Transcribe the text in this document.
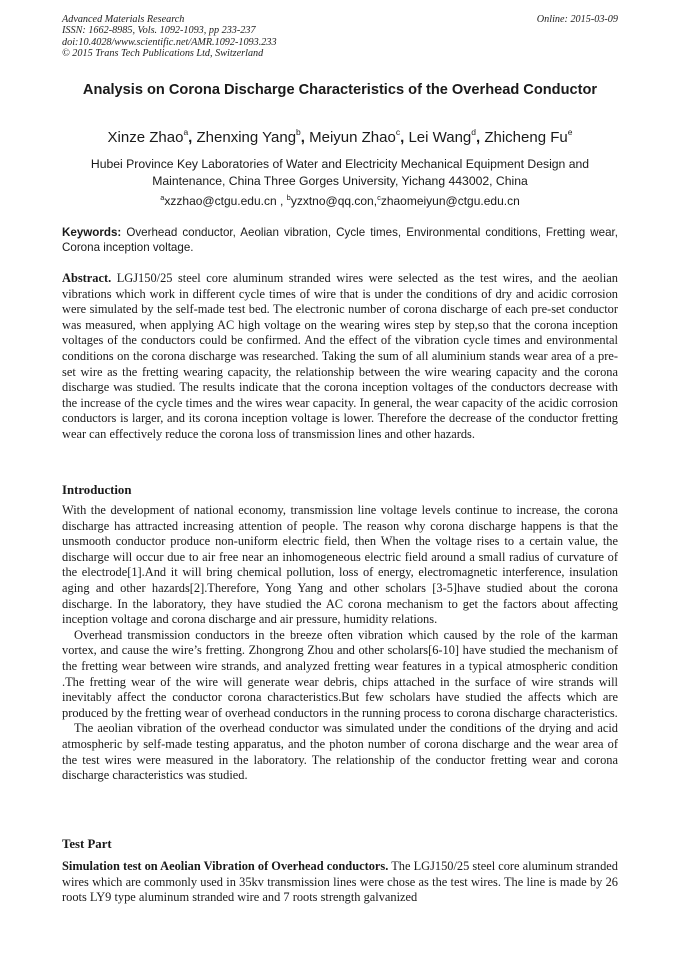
Advanced Materials Research
ISSN: 1662-8985, Vols. 1092-1093, pp 233-237
doi:10.4028/www.scientific.net/AMR.1092-1093.233
© 2015 Trans Tech Publications Ltd, Switzerland
Online: 2015-03-09
Analysis on Corona Discharge Characteristics of the Overhead Conductor
Xinze Zhao$^a$, Zhenxing Yang$^b$, Meiyun Zhao$^c$, Lei Wang$^d$, Zhicheng Fu$^e$
Hubei Province Key Laboratories of Water and Electricity Mechanical Equipment Design and Maintenance, China Three Gorges University, Yichang 443002, China
$^a$xzzhao@ctgu.edu.cn , $^b$yzxtno@qq.con,$^c$zhaomeiyun@ctgu.edu.cn
Keywords: Overhead conductor, Aeolian vibration, Cycle times, Environmental conditions, Fretting wear, Corona inception voltage.

Abstract. LGJ150/25 steel core aluminum stranded wires were selected as the test wires, and the aeolian vibrations which work in different cycle times of wire that is under the conditions of dry and acidic corrosion were simulated by the self-made test bed. The electronic number of corona discharge of each pre-set conductor was measured, when applying AC high voltage on the wearing wires step by step,so that the corona inception voltages of the conductors could be confirmed. And the effect of the vibration cycle times and environmental conditions on the corona discharge was researched. Taking the sum of all aluminium stands wear area of a pre-set wire as the fretting wearing capacity, the relationship between the wire wearing capacity and the corona discharge was studied. The results indicate that the corona inception voltages of the conductors decrease with the increase of the cycle times and the wires wear capacity. In general, the wear capacity of the acidic corrosion conductors is larger, and its corona inception voltage is lower. Therefore the decrease of the conductor fretting wear can effectively reduce the corona loss of transmission lines and other hazards.

Introduction

With the development of national economy, transmission line voltage levels continue to increase, the corona discharge has attracted increasing attention of people. The reason why corona discharge happens is that the unsmooth conductor produce non-uniform electric field, then When the voltage rises to a certain value, the discharge will occur due to air free near an inhomogeneous electric field around a small radius of curvature of the electrode[1].And it will bring chemical pollution, loss of energy, electromagnetic interference, insulation aging and other hazards[2].Therefore, Yong Yang and other scholars [3-5]have studied about the corona discharge. In the laboratory, they have studied the AC corona mechanism to get the factors about affecting inception voltage and corona discharge and air pressure, humidity relations.

Overhead transmission conductors in the breeze often vibration which caused by the role of the karman vortex, and cause the wire’s fretting. Zhongrong Zhou and other scholars[6-10] have studied the mechanism of the fretting wear between wire strands, and analyzed fretting wear features in a typical atmospheric condition .The fretting wear of the wire will generate wear debris, chips attached in the surface of wire strands will inevitably affect the conductor corona characteristics.But few scholars have studied the affects which are produced by the fretting wear of overhead conductors in the running process to corona discharge characteristics.

The aeolian vibration of the overhead conductor was simulated under the conditions of the drying and acid atmospheric by self-made testing apparatus, and the photon number of corona discharge and the wear area of the test wires were measured in the laboratory. The relationship of the conductor fretting wear and corona discharge characteristics was studied.

Test Part

Simulation test on Aeolian Vibration of Overhead conductors. The LGJ150/25 steel core aluminum stranded wires which are commonly used in 35kv transmission lines were chose as the test wires. The line is made by 26 roots LY9 type aluminum stranded wire and 7 roots strength galvanized
